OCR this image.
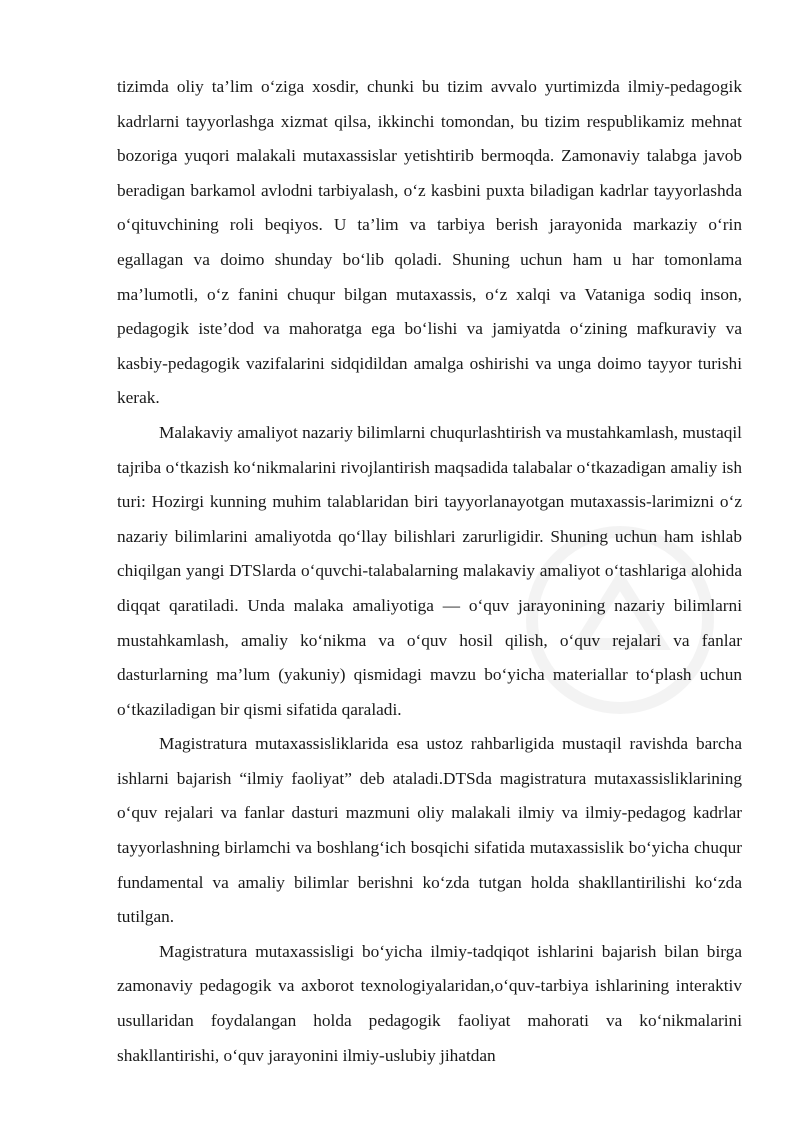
tizimda oliy ta’lim o‘ziga xosdir, chunki bu tizim avvalo yurtimizda ilmiy-pedagogik kadrlarni tayyorlashga xizmat qilsa, ikkinchi tomondan, bu tizim respublikamiz mehnat bozoriga yuqori malakali mutaxassislar yetishtirib bermoqda. Zamonaviy talabga javob beradigan barkamol avlodni tarbiyalash, o‘z kasbini puxta biladigan kadrlar tayyorlashda o‘qituvchining roli beqiyos. U ta’lim va tarbiya berish jarayonida markaziy o‘rin egallagan va doimo shunday bo‘lib qoladi. Shuning uchun ham u har tomonlama ma’lumotli, o‘z fanini chuqur bilgan mutaxassis, o‘z xalqi va Vataniga sodiq inson, pedagogik iste’dod va mahoratga ega bo‘lishi va jamiyatda o‘zining mafkuraviy va kasbiy-pedagogik vazifalarini sidqidildan amalga oshirishi va unga doimo tayyor turishi kerak.

Malakaviy amaliyot nazariy bilimlarni chuqurlashtirish va mustahkamlash, mustaqil tajriba o‘tkazish ko‘nikmalarini rivojlantirish maqsadida talabalar o‘tkazadigan amaliy ish turi: Hozirgi kunning muhim talablaridan biri tayyorlanayotgan mutaxassis-larimizni o‘z nazariy bilimlarini amaliyotda qo‘llay bilishlari zarurligidir. Shuning uchun ham ishlab chiqilgan yangi DTSlarda o‘quvchi-talabalarning malakaviy amaliyot o‘tashlariga alohida diqqat qaratiladi. Unda malaka amaliyotiga — o‘quv jarayonining nazariy bilimlarni mustahkamlash, amaliy ko‘nikma va o‘quv hosil qilish, o‘quv rejalari va fanlar dasturlarning ma’lum (yakuniy) qismidagi mavzu bo‘yicha materiallar to‘plash uchun o‘tkaziladigan bir qismi sifatida qaraladi.

Magistratura mutaxassisliklarida esa ustoz rahbarligida mustaqil ravishda barcha ishlarni bajarish “ilmiy faoliyat” deb ataladi.DTSda magistratura mutaxassisliklarining o‘quv rejalari va fanlar dasturi mazmuni oliy malakali ilmiy va ilmiy-pedagog kadrlar tayyorlashning birlamchi va boshlang‘ich bosqichi sifatida mutaxassislik bo‘yicha chuqur fundamental va amaliy bilimlar berishni ko‘zda tutgan holda shakllantirilishi ko‘zda tutilgan.

Magistratura mutaxassisligi bo‘yicha ilmiy-tadqiqot ishlarini bajarish bilan birga zamonaviy pedagogik va axborot texnologiyalaridan,o‘quv-tarbiya ishlarining interaktiv usullaridan foydalangan holda pedagogik faoliyat mahorati va ko‘nikmalarini shakllantirishi, o‘quv jarayonini ilmiy-uslubiy jihatdan
